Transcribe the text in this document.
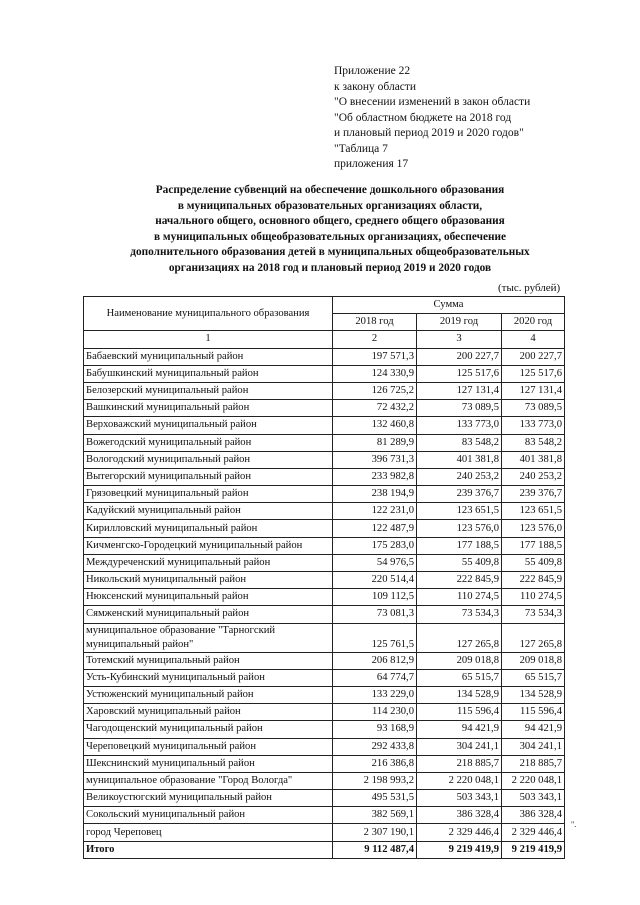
Приложение 22
к закону области
"О внесении изменений в закон области
"Об областном бюджете на 2018 год
и плановый период 2019 и 2020 годов"
"Таблица 7
приложения 17
Распределение субвенций на обеспечение дошкольного образования
в муниципальных образовательных организациях области,
начального общего, основного общего, среднего общего образования
в муниципальных общеобразовательных организациях, обеспечение
дополнительного образования детей в муниципальных общеобразовательных
организациях на 2018 год и плановый период 2019 и 2020 годов
(тыс. рублей)
Наименование муниципального образования	Сумма		
	2018 год	2019 год	2020 год
1	2	3	4
Бабаевский муниципальный район	197 571,3	200 227,7	200 227,7
Бабушкинский муниципальный район	124 330,9	125 517,6	125 517,6
Белозерский муниципальный район	126 725,2	127 131,4	127 131,4
Вашкинский муниципальный район	72 432,2	73 089,5	73 089,5
Верховажский муниципальный район	132 460,8	133 773,0	133 773,0
Вожегодский муниципальный район	81 289,9	83 548,2	83 548,2
Вологодский муниципальный район	396 731,3	401 381,8	401 381,8
Вытегорский муниципальный район	233 982,8	240 253,2	240 253,2
Грязовецкий муниципальный район	238 194,9	239 376,7	239 376,7
Кадуйский муниципальный район	122 231,0	123 651,5	123 651,5
Кирилловский муниципальный район	122 487,9	123 576,0	123 576,0
Кичменгско-Городецкий муниципальный район	175 283,0	177 188,5	177 188,5
Междуреченский муниципальный район	54 976,5	55 409,8	55 409,8
Никольский муниципальный район	220 514,4	222 845,9	222 845,9
Нюксенский муниципальный район	109 112,5	110 274,5	110 274,5
Сямженский муниципальный район	73 081,3	73 534,3	73 534,3
муниципальное образование "Тарногский муниципальный район"	125 761,5	127 265,8	127 265,8
Тотемский муниципальный район	206 812,9	209 018,8	209 018,8
Усть-Кубинский муниципальный район	64 774,7	65 515,7	65 515,7
Устюженский муниципальный район	133 229,0	134 528,9	134 528,9
Харовский муниципальный район	114 230,0	115 596,4	115 596,4
Чагодощенский муниципальный район	93 168,9	94 421,9	94 421,9
Череповецкий муниципальный район	292 433,8	304 241,1	304 241,1
Шекснинский муниципальный район	216 386,8	218 885,7	218 885,7
муниципальное образование "Город Вологда"	2 198 993,2	2 220 048,1	2 220 048,1
Великоустюгский муниципальный район	495 531,5	503 343,1	503 343,1
Сокольский муниципальный район	382 569,1	386 328,4	386 328,4
город Череповец	2 307 190,1	2 329 446,4	2 329 446,4
Итого	9 112 487,4	9 219 419,9	9 219 419,9
".
